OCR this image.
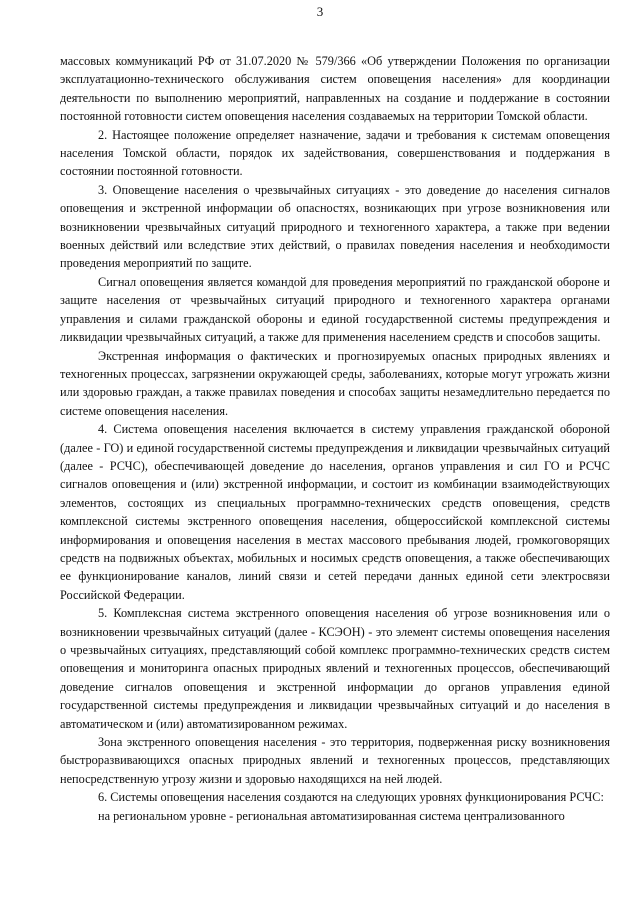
3

массовых коммуникаций РФ от 31.07.2020 № 579/366 «Об утверждении Положения по организации эксплуатационно-технического обслуживания систем оповещения населения» для координации деятельности по выполнению мероприятий, направленных на создание и поддержание в состоянии постоянной готовности систем оповещения населения создаваемых на территории Томской области.

2. Настоящее положение определяет назначение, задачи и требования к системам оповещения населения Томской области, порядок их задействования, совершенствования и поддержания в состоянии постоянной готовности.

3. Оповещение населения о чрезвычайных ситуациях - это доведение до населения сигналов оповещения и экстренной информации об опасностях, возникающих при угрозе возникновения или возникновении чрезвычайных ситуаций природного и техногенного характера, а также при ведении военных действий или вследствие этих действий, о правилах поведения населения и необходимости проведения мероприятий по защите.

Сигнал оповещения является командой для проведения мероприятий по гражданской обороне и защите населения от чрезвычайных ситуаций природного и техногенного характера органами управления и силами гражданской обороны и единой государственной системы предупреждения и ликвидации чрезвычайных ситуаций, а также для применения населением средств и способов защиты.

Экстренная информация о фактических и прогнозируемых опасных природных явлениях и техногенных процессах, загрязнении окружающей среды, заболеваниях, которые могут угрожать жизни или здоровью граждан, а также правилах поведения и способах защиты незамедлительно передается по системе оповещения населения.

4. Система оповещения населения включается в систему управления гражданской обороной (далее - ГО) и единой государственной системы предупреждения и ликвидации чрезвычайных ситуаций (далее - РСЧС), обеспечивающей доведение до населения, органов управления и сил ГО и РСЧС сигналов оповещения и (или) экстренной информации, и состоит из комбинации взаимодействующих элементов, состоящих из специальных программно-технических средств оповещения, средств комплексной системы экстренного оповещения населения, общероссийской комплексной системы информирования и оповещения населения в местах массового пребывания людей, громкоговорящих средств на подвижных объектах, мобильных и носимых средств оповещения, а также обеспечивающих ее функционирование каналов, линий связи и сетей передачи данных единой сети электросвязи Российской Федерации.

5. Комплексная система экстренного оповещения населения об угрозе возникновения или о возникновении чрезвычайных ситуаций (далее - КСЭОН) - это элемент системы оповещения населения о чрезвычайных ситуациях, представляющий собой комплекс программно-технических средств систем оповещения и мониторинга опасных природных явлений и техногенных процессов, обеспечивающий доведение сигналов оповещения и экстренной информации до органов управления единой государственной системы предупреждения и ликвидации чрезвычайных ситуаций и до населения в автоматическом и (или) автоматизированном режимах.

Зона экстренного оповещения населения - это территория, подверженная риску возникновения быстроразвивающихся опасных природных явлений и техногенных процессов, представляющих непосредственную угрозу жизни и здоровью находящихся на ней людей.

6. Системы оповещения населения создаются на следующих уровнях функционирования РСЧС:

на региональном уровне - региональная автоматизированная система централизованного
